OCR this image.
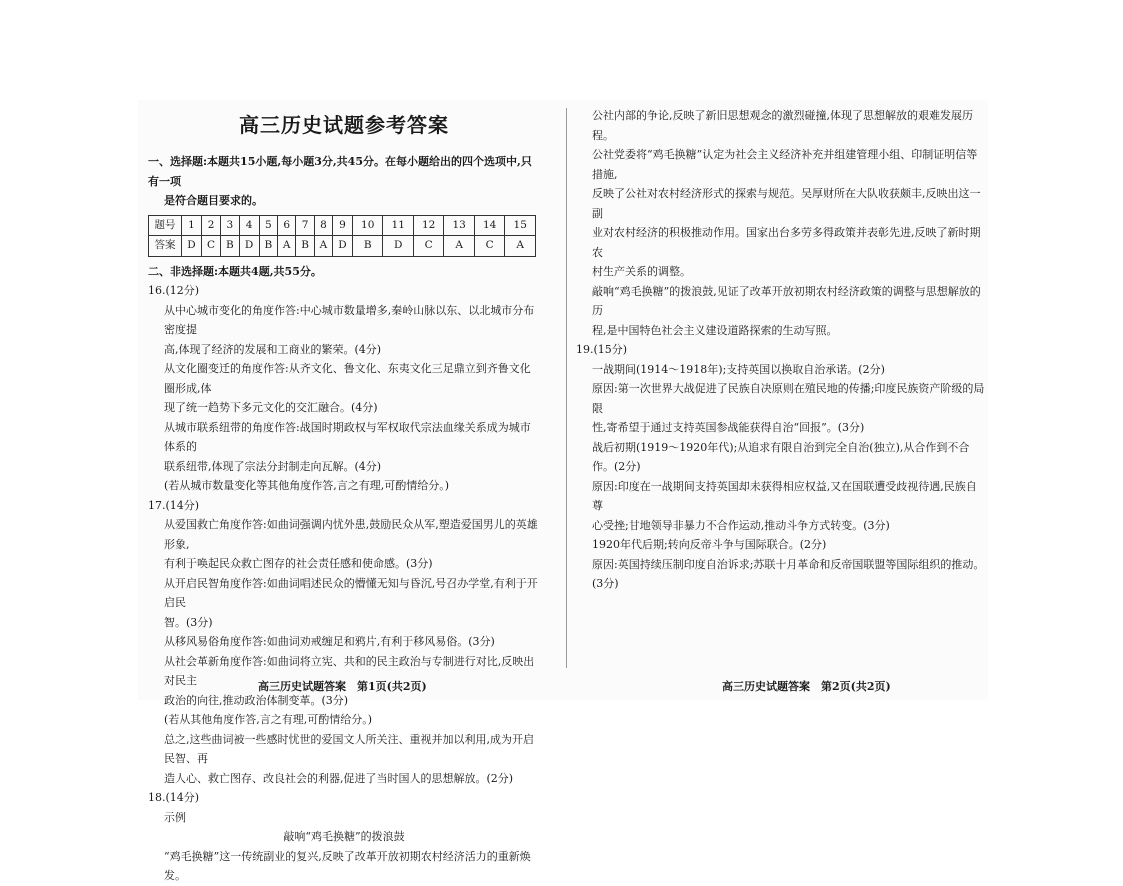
高三历史试题参考答案

一、选择题:本题共15小题,每小题3分,共45分。在每小题给出的四个选项中,只有一项

是符合题目要求的。

题号	1	2	3	4	5	6	7	8	9	10	11	12	13	14	15
答案	D	C	B	D	B	A	B	A	D	B	D	C	A	C	A

二、非选择题:本题共4题,共55分。

16.(12分)

从中心城市变化的角度作答:中心城市数量增多,秦岭山脉以东、以北城市分布密度提

高,体现了经济的发展和工商业的繁荣。(4分)

从文化圈变迁的角度作答:从齐文化、鲁文化、东夷文化三足鼎立到齐鲁文化圈形成,体

现了统一趋势下多元文化的交汇融合。(4分)

从城市联系纽带的角度作答:战国时期政权与军权取代宗法血缘关系成为城市体系的

联系纽带,体现了宗法分封制走向瓦解。(4分)

(若从城市数量变化等其他角度作答,言之有理,可酌情给分。)

17.(14分)

从爱国救亡角度作答:如曲词强调内忧外患,鼓励民众从军,塑造爱国男儿的英雄形象,

有利于唤起民众救亡图存的社会责任感和使命感。(3分)

从开启民智角度作答:如曲词唱述民众的懵懂无知与昏沉,号召办学堂,有利于开启民

智。(3分)

从移风易俗角度作答:如曲词劝戒缠足和鸦片,有利于移风易俗。(3分)

从社会革新角度作答:如曲词将立宪、共和的民主政治与专制进行对比,反映出对民主

政治的向往,推动政治体制变革。(3分)

(若从其他角度作答,言之有理,可酌情给分。)

总之,这些曲词被一些感时忧世的爱国文人所关注、重视并加以利用,成为开启民智、再

造人心、救亡图存、改良社会的利器,促进了当时国人的思想解放。(2分)

18.(14分)

示例

敲响“鸡毛换糖”的拨浪鼓

“鸡毛换糖”这一传统副业的复兴,反映了改革开放初期农村经济活力的重新焕发。

公社内部的争论,反映了新旧思想观念的激烈碰撞,体现了思想解放的艰难发展历程。

公社党委将“鸡毛换糖”认定为社会主义经济补充并组建管理小组、印制证明信等措施,

反映了公社对农村经济形式的探索与规范。吴厚财所在大队收获颇丰,反映出这一副

业对农村经济的积极推动作用。国家出台多劳多得政策并表彰先进,反映了新时期农

村生产关系的调整。

敲响“鸡毛换糖”的拨浪鼓,见证了改革开放初期农村经济政策的调整与思想解放的历

程,是中国特色社会主义建设道路探索的生动写照。

19.(15分)

一战期间(1914～1918年);支持英国以换取自治承诺。(2分)

原因:第一次世界大战促进了民族自决原则在殖民地的传播;印度民族资产阶级的局限

性,寄希望于通过支持英国参战能获得自治“回报”。(3分)

战后初期(1919～1920年代);从追求有限自治到完全自治(独立),从合作到不合作。(2分)

原因:印度在一战期间支持英国却未获得相应权益,又在国联遭受歧视待遇,民族自尊

心受挫;甘地领导非暴力不合作运动,推动斗争方式转变。(3分)

1920年代后期;转向反帝斗争与国际联合。(2分)

原因:英国持续压制印度自治诉求;苏联十月革命和反帝国联盟等国际组织的推动。(3分)

高三历史试题答案　第1页(共2页)	高三历史试题答案　第2页(共2页)
